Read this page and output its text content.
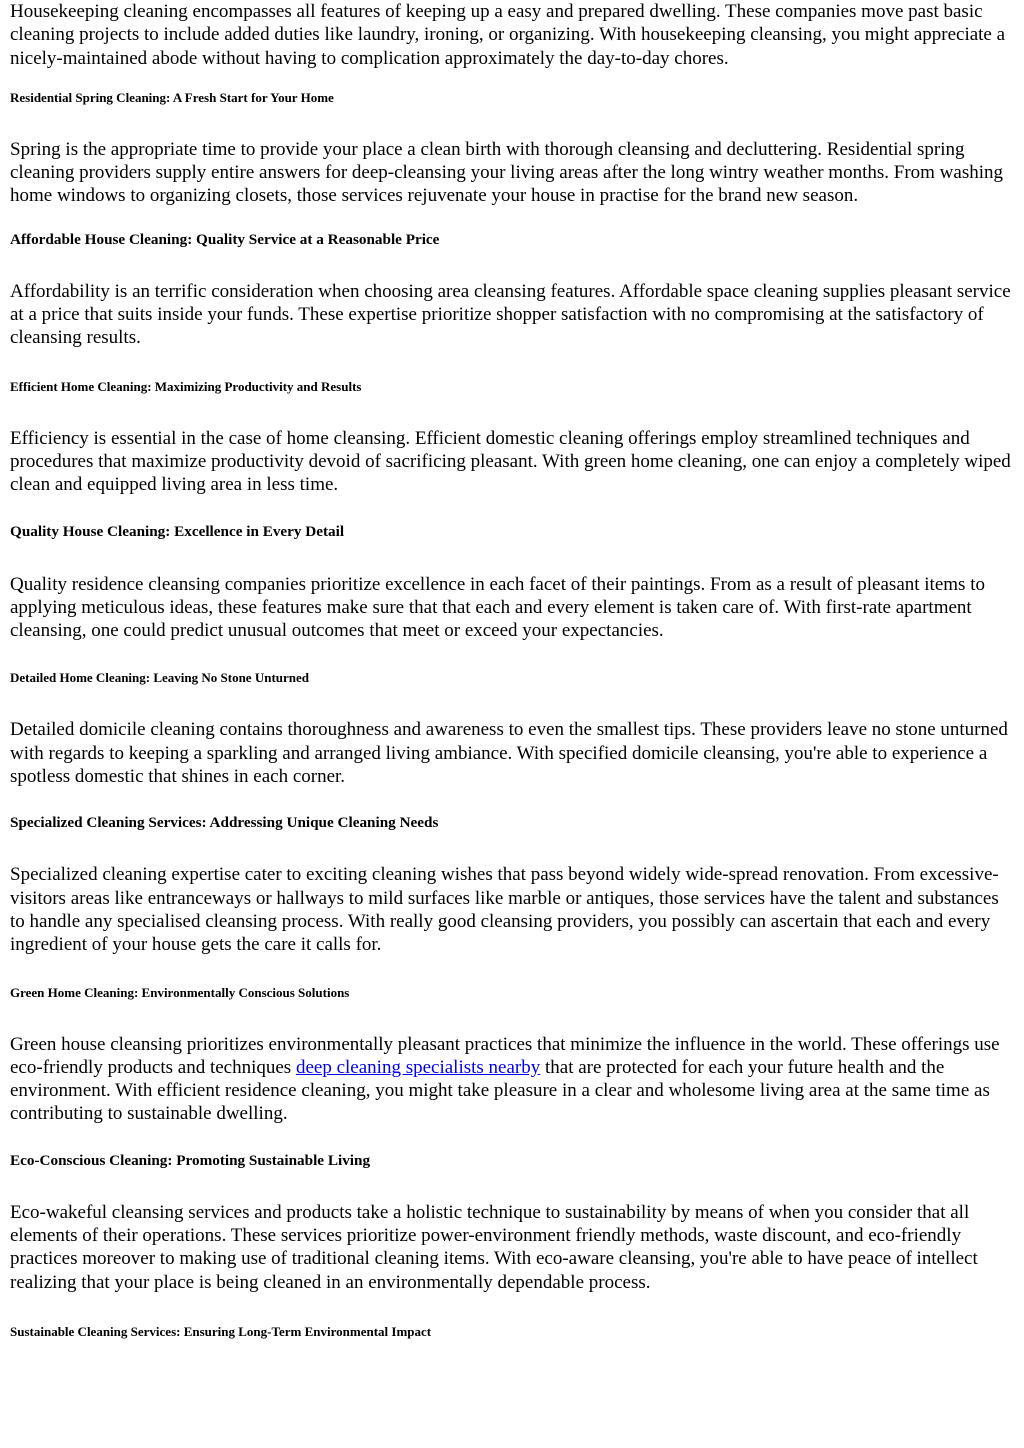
Housekeeping cleaning encompasses all features of keeping up a easy and prepared dwelling. These companies move past basic cleaning projects to include added duties like laundry, ironing, or organizing. With housekeeping cleansing, you might appreciate a nicely-maintained abode without having to complication approximately the day-to-day chores.

Residential Spring Cleaning: A Fresh Start for Your Home

Spring is the appropriate time to provide your place a clean birth with thorough cleansing and decluttering. Residential spring cleaning providers supply entire answers for deep-cleansing your living areas after the long wintry weather months. From washing home windows to organizing closets, those services rejuvenate your house in practise for the brand new season.

Affordable House Cleaning: Quality Service at a Reasonable Price

Affordability is an terrific consideration when choosing area cleansing features. Affordable space cleaning supplies pleasant service at a price that suits inside your funds. These expertise prioritize shopper satisfaction with no compromising at the satisfactory of cleansing results.

Efficient Home Cleaning: Maximizing Productivity and Results

Efficiency is essential in the case of home cleansing. Efficient domestic cleaning offerings employ streamlined techniques and procedures that maximize productivity devoid of sacrificing pleasant. With green home cleaning, one can enjoy a completely wiped clean and equipped living area in less time.

Quality House Cleaning: Excellence in Every Detail

Quality residence cleansing companies prioritize excellence in each facet of their paintings. From as a result of pleasant items to applying meticulous ideas, these features make sure that that each and every element is taken care of. With first-rate apartment cleansing, one could predict unusual outcomes that meet or exceed your expectancies.

Detailed Home Cleaning: Leaving No Stone Unturned

Detailed domicile cleaning contains thoroughness and awareness to even the smallest tips. These providers leave no stone unturned with regards to keeping a sparkling and arranged living ambiance. With specified domicile cleansing, you're able to experience a spotless domestic that shines in each corner.

Specialized Cleaning Services: Addressing Unique Cleaning Needs

Specialized cleaning expertise cater to exciting cleaning wishes that pass beyond widely wide-spread renovation. From excessive-visitors areas like entranceways or hallways to mild surfaces like marble or antiques, those services have the talent and substances to handle any specialised cleansing process. With really good cleansing providers, you possibly can ascertain that each and every ingredient of your house gets the care it calls for.

Green Home Cleaning: Environmentally Conscious Solutions

Green house cleansing prioritizes environmentally pleasant practices that minimize the influence in the world. These offerings use eco-friendly products and techniques deep cleaning specialists nearby that are protected for each your future health and the environment. With efficient residence cleaning, you might take pleasure in a clear and wholesome living area at the same time as contributing to sustainable dwelling.

Eco-Conscious Cleaning: Promoting Sustainable Living

Eco-wakeful cleansing services and products take a holistic technique to sustainability by means of when you consider that all elements of their operations. These services prioritize power-environment friendly methods, waste discount, and eco-friendly practices moreover to making use of traditional cleaning items. With eco-aware cleansing, you're able to have peace of intellect realizing that your place is being cleaned in an environmentally dependable process.

Sustainable Cleaning Services: Ensuring Long-Term Environmental Impact
